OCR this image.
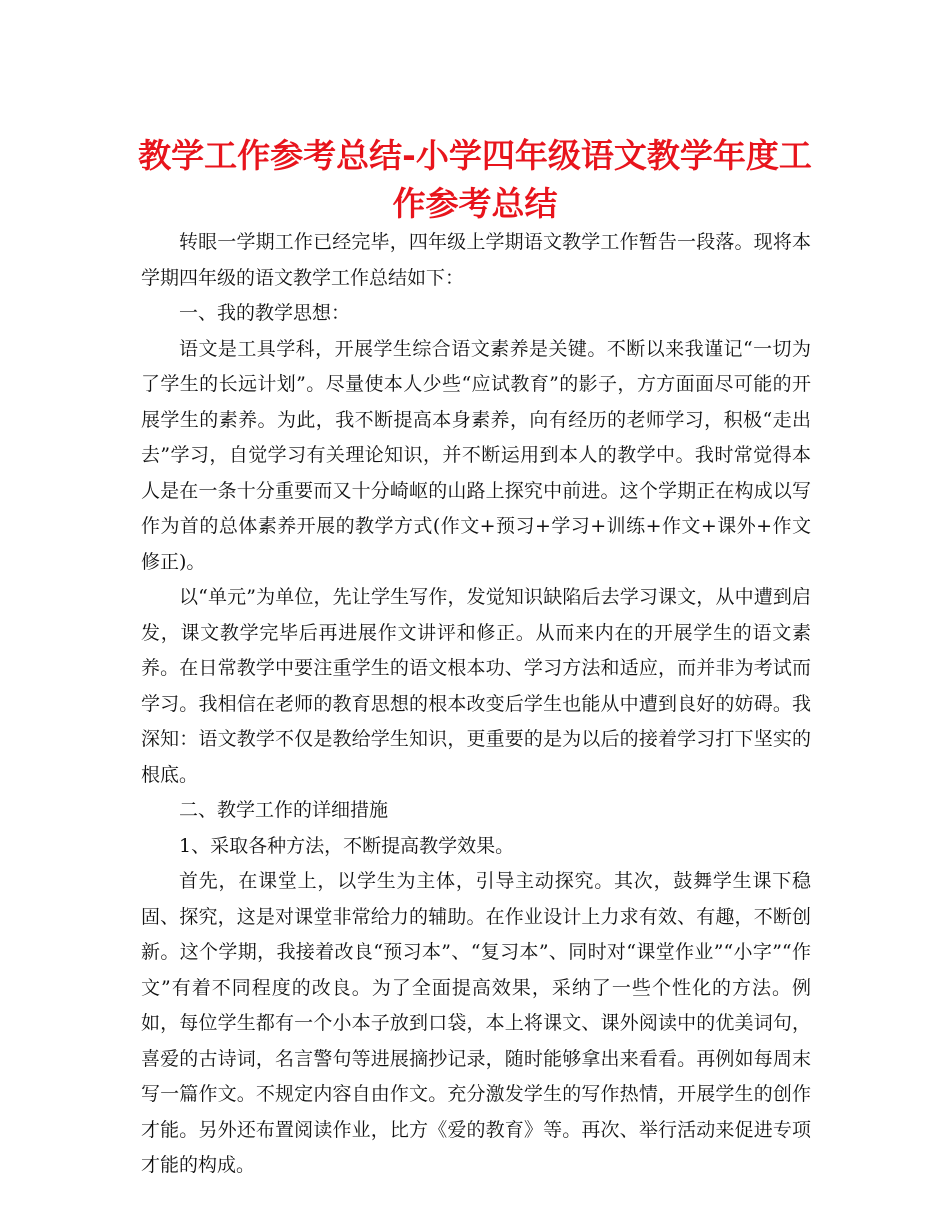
教学工作参考总结-小学四年级语文教学年度工作参考总结

转眼一学期工作已经完毕，四年级上学期语文教学工作暂告一段落。现将本学期四年级的语文教学工作总结如下：

一、我的教学思想：

语文是工具学科，开展学生综合语文素养是关键。不断以来我谨记“一切为了学生的长远计划”。尽量使本人少些“应试教育”的影子，方方面面尽可能的开展学生的素养。为此，我不断提高本身素养，向有经历的老师学习，积极“走出去”学习，自觉学习有关理论知识，并不断运用到本人的教学中。我时常觉得本人是在一条十分重要而又十分崎岖的山路上探究中前进。这个学期正在构成以写作为首的总体素养开展的教学方式(作文+预习+学习+训练+作文+课外+作文修正)。

以“单元”为单位，先让学生写作，发觉知识缺陷后去学习课文，从中遭到启发，课文教学完毕后再进展作文讲评和修正。从而来内在的开展学生的语文素养。在日常教学中要注重学生的语文根本功、学习方法和适应，而并非为考试而学习。我相信在老师的教育思想的根本改变后学生也能从中遭到良好的妨碍。我深知：语文教学不仅是教给学生知识，更重要的是为以后的接着学习打下坚实的根底。

二、教学工作的详细措施

1、采取各种方法，不断提高教学效果。

首先，在课堂上，以学生为主体，引导主动探究。其次，鼓舞学生课下稳固、探究，这是对课堂非常给力的辅助。在作业设计上力求有效、有趣，不断创新。这个学期，我接着改良“预习本”、“复习本”、同时对“课堂作业”“小字”“作文”有着不同程度的改良。为了全面提高效果，采纳了一些个性化的方法。例如，每位学生都有一个小本子放到口袋，本上将课文、课外阅读中的优美词句，喜爱的古诗词，名言警句等进展摘抄记录，随时能够拿出来看看。再例如每周末写一篇作文。不规定内容自由作文。充分激发学生的写作热情，开展学生的创作才能。另外还布置阅读作业，比方《爱的教育》等。再次、举行活动来促进专项才能的构成。
